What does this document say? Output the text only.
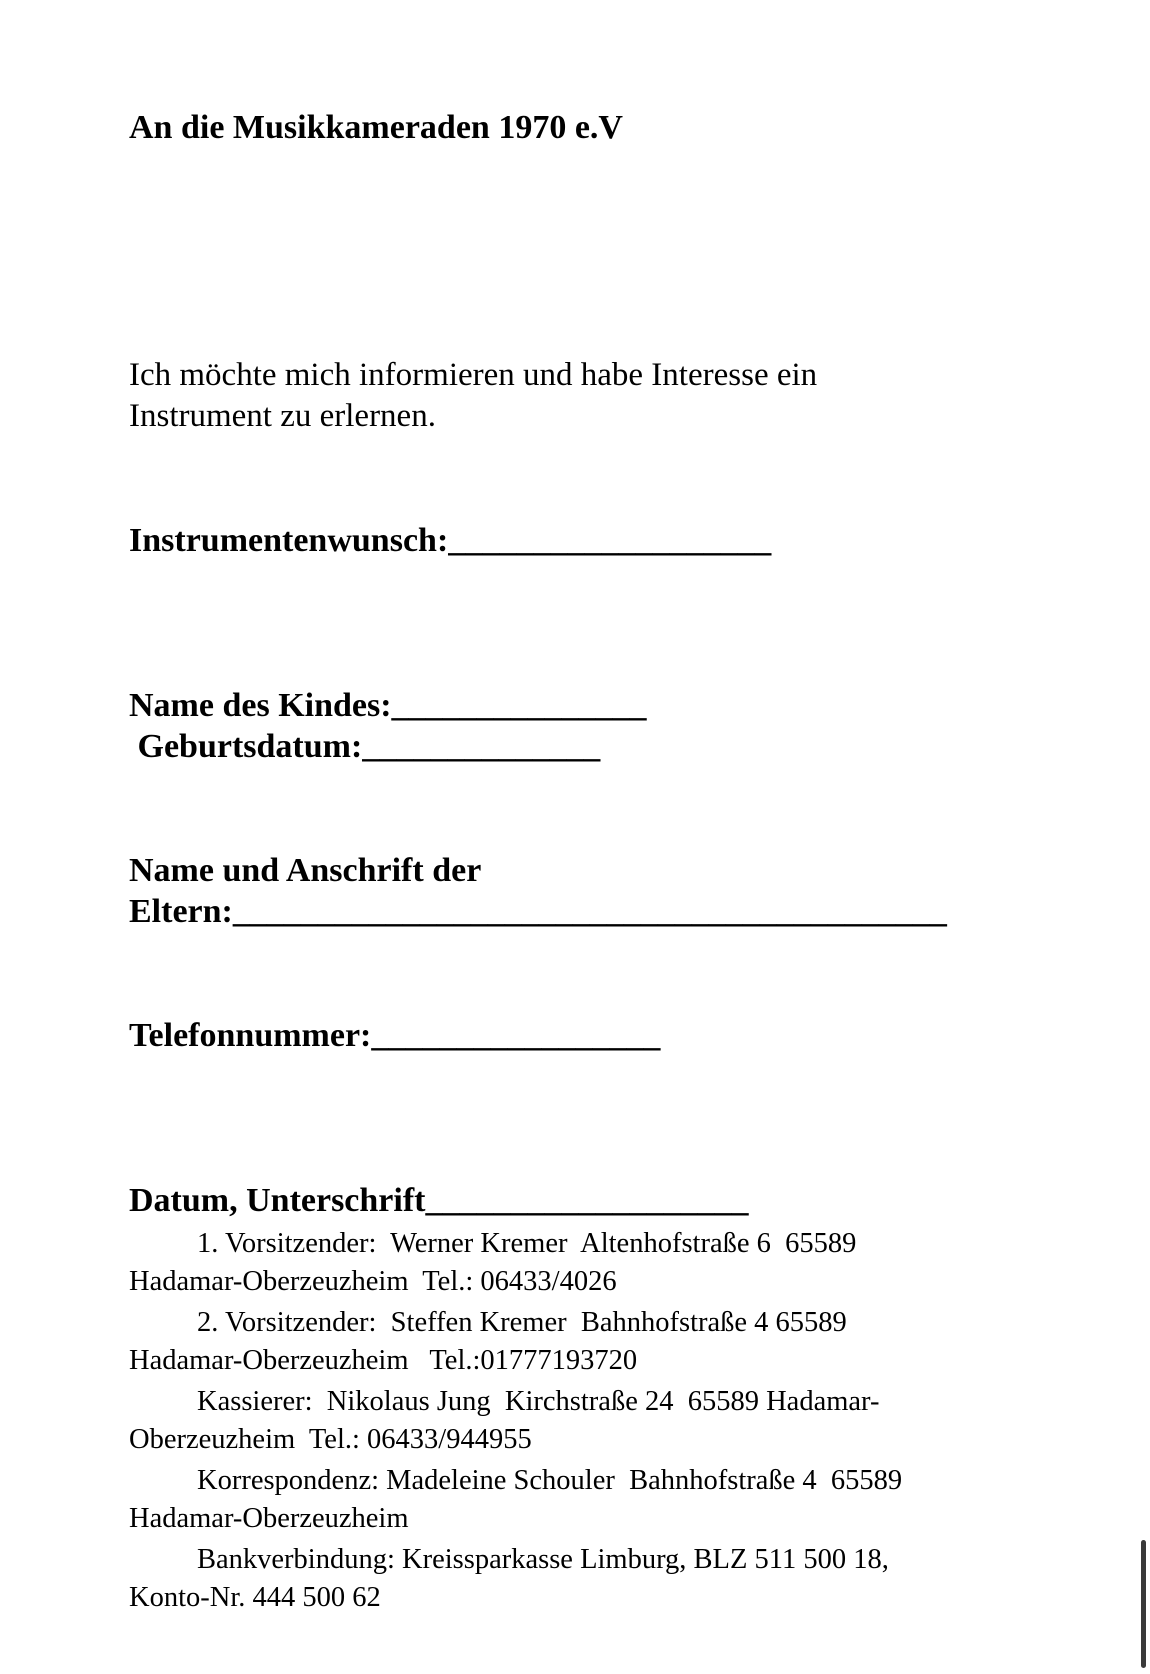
An die Musikkameraden 1970 e.V

Ich möchte mich informieren und habe Interesse ein

Instrument zu erlernen.

Instrumentenwunsch:___________________

Name des Kindes:_______________

Geburtsdatum:______________

Name und Anschrift der

Eltern:__________________________________________

Telefonnummer:_________________

Datum, Unterschrift___________________

1. Vorsitzender:  Werner Kremer  Altenhofstraße 6  65589

Hadamar-Oberzeuzheim  Tel.: 06433/4026

2. Vorsitzender:  Steffen Kremer  Bahnhofstraße 4 65589

Hadamar-Oberzeuzheim   Tel.:01777193720

Kassierer:  Nikolaus Jung  Kirchstraße 24  65589 Hadamar-

Oberzeuzheim  Tel.: 06433/944955

Korrespondenz: Madeleine Schouler  Bahnhofstraße 4  65589

Hadamar-Oberzeuzheim

Bankverbindung: Kreissparkasse Limburg, BLZ 511 500 18,

Konto-Nr. 444 500 62
